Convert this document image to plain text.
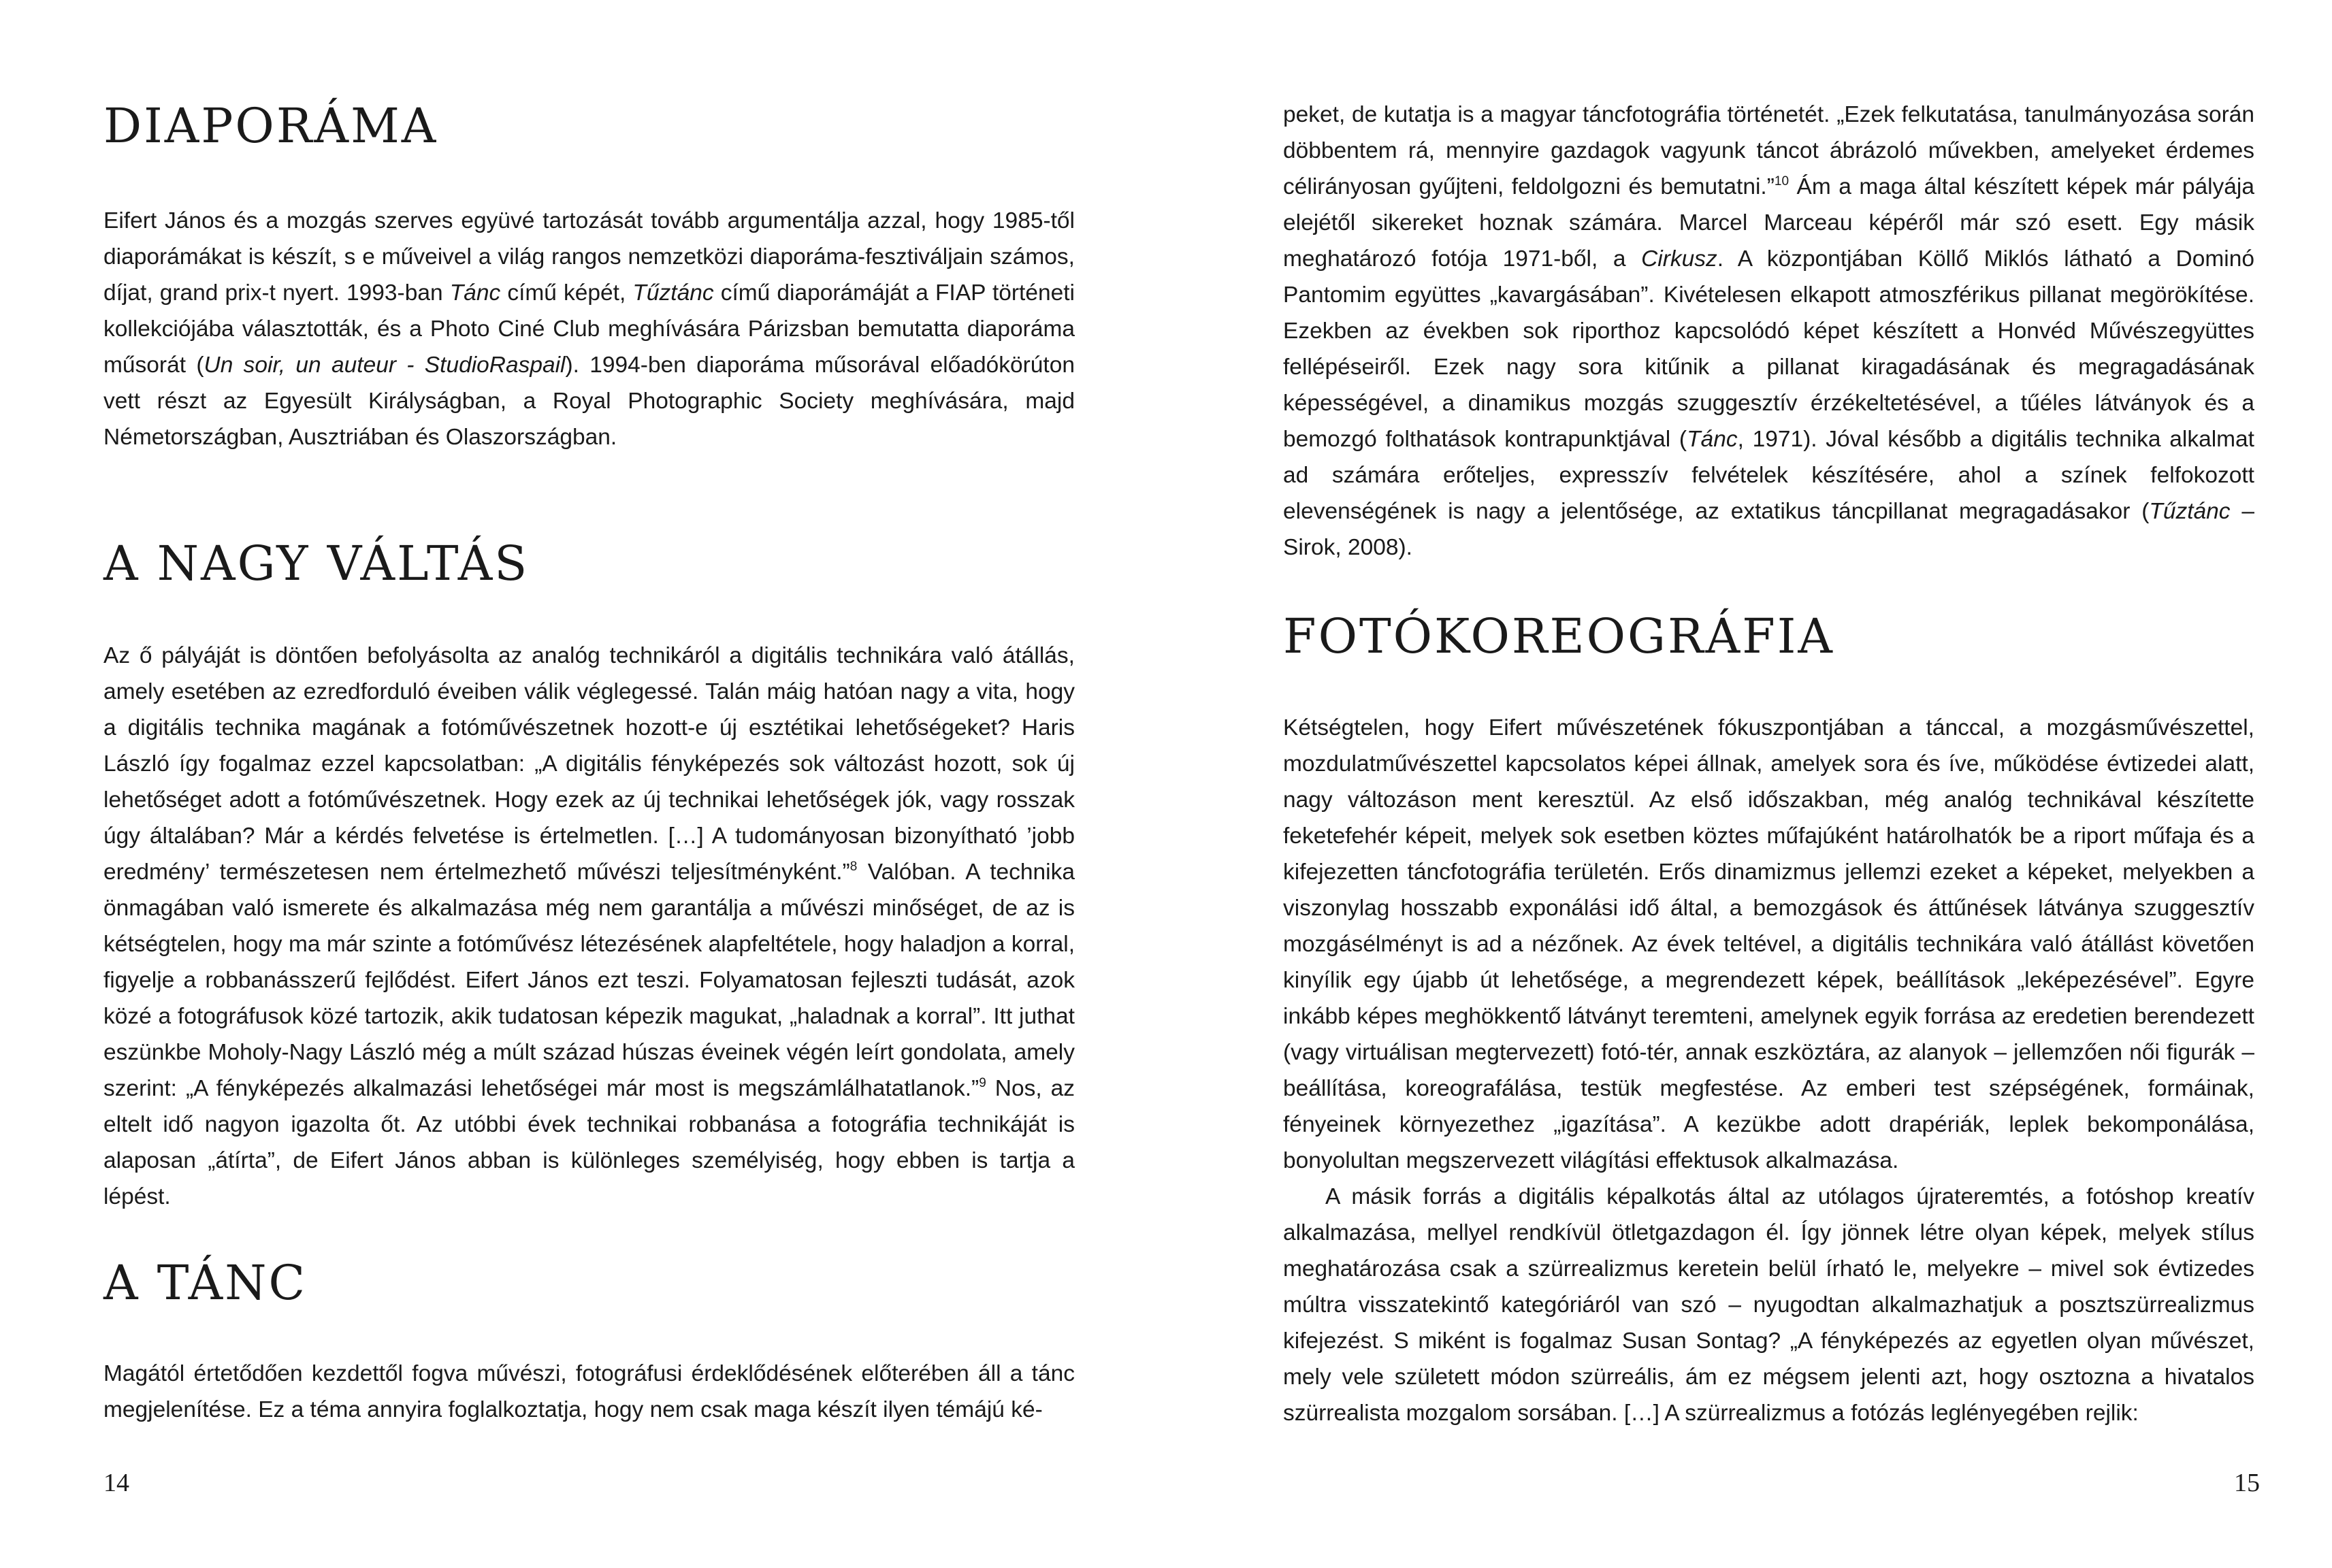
DIAPORÁMA

Eifert János és a mozgás szerves együvé tartozását tovább argumentálja azzal, hogy 1985-től diaporámákat is készít, s e műveivel a világ rangos nemzetközi diaporáma-fesztiváljain számos, díjat, grand prix-t nyert. 1993-ban Tánc című képét, Tűztánc című diaporámáját a FIAP történeti kollekciójába választották, és a Photo Ciné Club meghívására Párizsban bemutatta diaporáma műsorát (Un soir, un auteur - StudioRaspail). 1994-ben diaporáma műsorával előadókörúton vett részt az Egyesült Királyságban, a Royal Photographic Society meghívására, majd Németországban, Ausztriában és Olaszországban.

A NAGY VÁLTÁS

Az ő pályáját is döntően befolyásolta az analóg technikáról a digitális technikára való átállás, amely esetében az ezredforduló éveiben válik véglegessé. Talán máig hatóan nagy a vita, hogy a digitális technika magának a fotóművészetnek hozott-e új esztétikai lehetőségeket? Haris László így fogalmaz ezzel kapcsolatban: „A digitális fényképezés sok változást hozott, sok új lehetőséget adott a fotóművészetnek. Hogy ezek az új technikai lehetőségek jók, vagy rosszak úgy általában? Már a kérdés felvetése is értelmetlen. […] A tudományosan bizonyítható ’jobb eredmény’ természetesen nem értelmezhető művészi teljesítményként.”$^8$ Valóban. A technika önmagában való ismerete és alkalmazása még nem garantálja a művészi minőséget, de az is kétségtelen, hogy ma már szinte a fotóművész létezésének alapfeltétele, hogy haladjon a korral, figyelje a robbanásszerű fejlődést. Eifert János ezt teszi. Folyamatosan fejleszti tudását, azok közé a fotográfusok közé tartozik, akik tudatosan képezik magukat, „haladnak a korral”. Itt juthat eszünkbe Moholy-Nagy László még a múlt század húszas éveinek végén leírt gondolata, amely szerint: „A fényképezés alkalmazási lehetőségei már most is megszámlálhatatlanok.”$^9$ Nos, az eltelt idő nagyon igazolta őt. Az utóbbi évek technikai robbanása a fotográfia technikáját is alaposan „átírta”, de Eifert János abban is különleges személyiség, hogy ebben is tartja a lépést.

A TÁNC

Magától értetődően kezdettől fogva művészi, fotográfusi érdeklődésének előterében áll a tánc megjelenítése. Ez a téma annyira foglalkoztatja, hogy nem csak maga készít ilyen témájú ké-

14

peket, de kutatja is a magyar táncfotográfia történetét. „Ezek felkutatása, tanulmányozása során döbbentem rá, mennyire gazdagok vagyunk táncot ábrázoló művekben, amelyeket érdemes célirányosan gyűjteni, feldolgozni és bemutatni.”$^{10}$ Ám a maga által készített képek már pályája elejétől sikereket hoznak számára. Marcel Marceau képéről már szó esett. Egy másik meghatározó fotója 1971-ből, a Cirkusz. A központjában Köllő Miklós látható a Dominó Pantomim együttes „kavargásában”. Kivételesen elkapott atmoszférikus pillanat megörökítése. Ezekben az években sok riporthoz kapcsolódó képet készített a Honvéd Művészegyüttes fellépéseiről. Ezek nagy sora kitűnik a pillanat kiragadásának és megragadásának képességével, a dinamikus mozgás szuggesztív érzékeltetésével, a tűéles látványok és a bemozgó folthatások kontrapunktjával (Tánc, 1971). Jóval később a digitális technika alkalmat ad számára erőteljes, expresszív felvételek készítésére, ahol a színek felfokozott elevenségének is nagy a jelentősége, az extatikus táncpillanat megragadásakor (Tűztánc – Sirok, 2008).

FOTÓKOREOGRÁFIA

Kétségtelen, hogy Eifert művészetének fókuszpontjában a tánccal, a mozgásművészettel, mozdulatművészettel kapcsolatos képei állnak, amelyek sora és íve, működése évtizedei alatt, nagy változáson ment keresztül. Az első időszakban, még analóg technikával készítette feketefehér képeit, melyek sok esetben köztes műfajúként határolhatók be a riport műfaja és a kifejezetten táncfotográfia területén. Erős dinamizmus jellemzi ezeket a képeket, melyekben a viszonylag hosszabb exponálási idő által, a bemozgások és áttűnések látványa szuggesztív mozgásélményt is ad a nézőnek. Az évek teltével, a digitális technikára való átállást követően kinyílik egy újabb út lehetősége, a megrendezett képek, beállítások „leképezésével”. Egyre inkább képes meghökkentő látványt teremteni, amelynek egyik forrása az eredetien berendezett (vagy virtuálisan megtervezett) fotó-tér, annak eszköztára, az alanyok – jellemzően női figurák – beállítása, koreografálása, testük megfestése. Az emberi test szépségének, formáinak, fényeinek környezethez „igazítása”. A kezükbe adott drapériák, leplek bekomponálása, bonyolultan megszervezett világítási effektusok alkalmazása.

A másik forrás a digitális képalkotás által az utólagos újrateremtés, a fotóshop kreatív alkalmazása, mellyel rendkívül ötletgazdagon él. Így jönnek létre olyan képek, melyek stílus meghatározása csak a szürrealizmus keretein belül írható le, melyekre – mivel sok évtizedes múltra visszatekintő kategóriáról van szó – nyugodtan alkalmazhatjuk a posztszürrealizmus kifejezést. S miként is fogalmaz Susan Sontag? „A fényképezés az egyetlen olyan művészet, mely vele született módon szürreális, ám ez mégsem jelenti azt, hogy osztozna a hivatalos szürrealista mozgalom sorsában. […] A szürrealizmus a fotózás leglényegében rejlik:

15
